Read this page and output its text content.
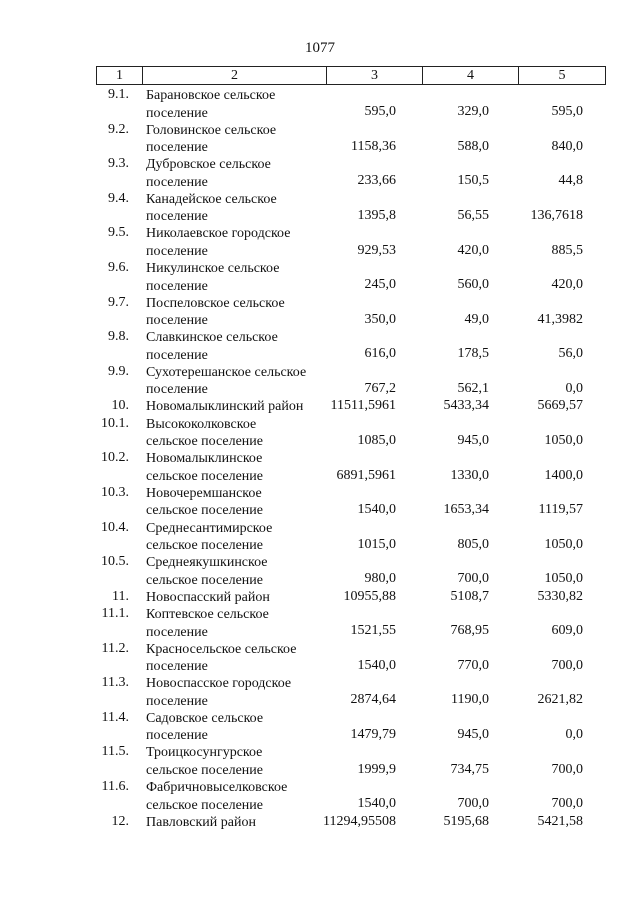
1077
1	2	3	4	5
9.1. Барановское сельское
поселение	595,0	329,0	595,0
9.2. Головинское сельское
поселение	1158,36	588,0	840,0
9.3. Дубровское сельское
поселение	233,66	150,5	44,8
9.4. Канадейское сельское
поселение	1395,8	56,55	136,7618
9.5. Николаевское городское
поселение	929,53	420,0	885,5
9.6. Никулинское сельское
поселение	245,0	560,0	420,0
9.7. Поспеловское сельское
поселение	350,0	49,0	41,3982
9.8. Славкинское сельское
поселение	616,0	178,5	56,0
9.9. Сухотерешанское сельское
поселение	767,2	562,1	0,0
10. Новомалыклинский район	11511,5961	5433,34	5669,57
10.1. Высококолковское
сельское поселение	1085,0	945,0	1050,0
10.2. Новомалыклинское
сельское поселение	6891,5961	1330,0	1400,0
10.3. Новочеремшанское
сельское поселение	1540,0	1653,34	1119,57
10.4. Среднесантимирское
сельское поселение	1015,0	805,0	1050,0
10.5. Среднеякушкинское
сельское поселение	980,0	700,0	1050,0
11. Новоспасский район	10955,88	5108,7	5330,82
11.1. Коптевское сельское
поселение	1521,55	768,95	609,0
11.2. Красносельское сельское
поселение	1540,0	770,0	700,0
11.3. Новоспасское городское
поселение	2874,64	1190,0	2621,82
11.4. Садовское сельское
поселение	1479,79	945,0	0,0
11.5. Троицкосунгурское
сельское поселение	1999,9	734,75	700,0
11.6. Фабричновыселковское
сельское поселение	1540,0	700,0	700,0
12. Павловский район	11294,95508	5195,68	5421,58
